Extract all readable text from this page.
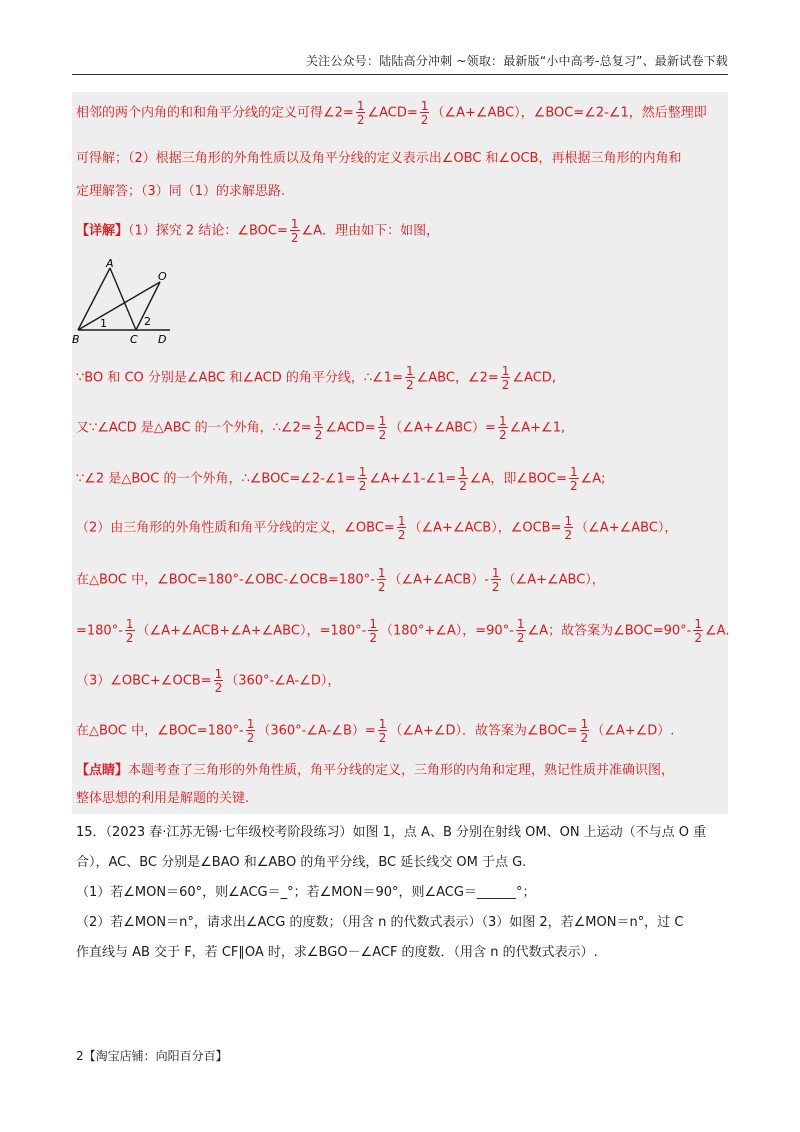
关注公众号：陆陆高分冲刺 ~领取：最新版“小中高考-总复习”、最新试卷下载
相邻的两个内角的和和角平分线的定义可得∠2= $\frac{1}{2}$ ∠ACD= $\frac{1}{2}$ （∠A+∠ABC），∠BOC=∠2-∠1，然后整理即
可得解；（2）根据三角形的外角性质以及角平分线的定义表示出∠OBC 和∠OCB，再根据三角形的内角和
定理解答；（3）同（1）的求解思路.
【详解】（1）探究 2 结论：∠BOC= $\frac{1}{2}$ ∠A．理由如下：如图，
A
O
B	C D
1	2
∵BO 和 CO 分别是∠ABC 和∠ACD 的角平分线，∴∠1= $\frac{1}{2}$ ∠ABC，∠2= $\frac{1}{2}$ ∠ACD,
又∵∠ACD 是△ABC 的一个外角，∴∠2= $\frac{1}{2}$ ∠ACD= $\frac{1}{2}$ （∠A+∠ABC）= $\frac{1}{2}$ ∠A+∠1,
∵∠2 是△BOC 的一个外角，∴∠BOC=∠2-∠1= $\frac{1}{2}$ ∠A+∠1-∠1= $\frac{1}{2}$ ∠A，即∠BOC= $\frac{1}{2}$ ∠A;
（2）由三角形的外角性质和角平分线的定义，∠OBC= $\frac{1}{2}$ （∠A+∠ACB），∠OCB= $\frac{1}{2}$ （∠A+∠ABC），
在△BOC 中，∠BOC=180°-∠OBC-∠OCB=180°- $\frac{1}{2}$ （∠A+∠ACB）- $\frac{1}{2}$ （∠A+∠ABC），
$=180^\circ- \frac{1}{2}$ （∠A+∠ACB+∠A+∠ABC），$=180^\circ- \frac{1}{2}$ （180°+∠A），$=90^\circ- \frac{1}{2}$ ∠A；故答案为∠BOC=90°- $\frac{1}{2}$ ∠A.
（3）∠OBC+∠OCB= $\frac{1}{2}$ （360°-∠A-∠D），
在△BOC 中，∠BOC=180°- $\frac{1}{2}$ （360°-∠A-∠B）= $\frac{1}{2}$ （∠A+∠D）．故答案为∠BOC= $\frac{1}{2}$ （∠A+∠D）.
【点睛】本题考查了三角形的外角性质，角平分线的定义，三角形的内角和定理，熟记性质并准确识图，
整体思想的利用是解题的关键.
15．（2023 春·江苏无锡·七年级校考阶段练习）如图 1，点 A、B 分别在射线 OM、ON 上运动（不与点 O 重
合），AC、BC 分别是∠BAO 和∠ABO 的角平分线，BC 延长线交 OM 于点 G.
（1）若∠MON＝60°，则∠ACG＝_°；若∠MON＝90°，则∠ACG＝______°；
（2）若∠MON＝n°，请求出∠ACG 的度数；（用含 n 的代数式表示）（3）如图 2，若∠MON＝n°，过 C
作直线与 AB 交于 F，若 CF∥OA 时，求∠BGO－∠ACF 的度数．（用含 n 的代数式表示）.
2【淘宝店铺：向阳百分百】
